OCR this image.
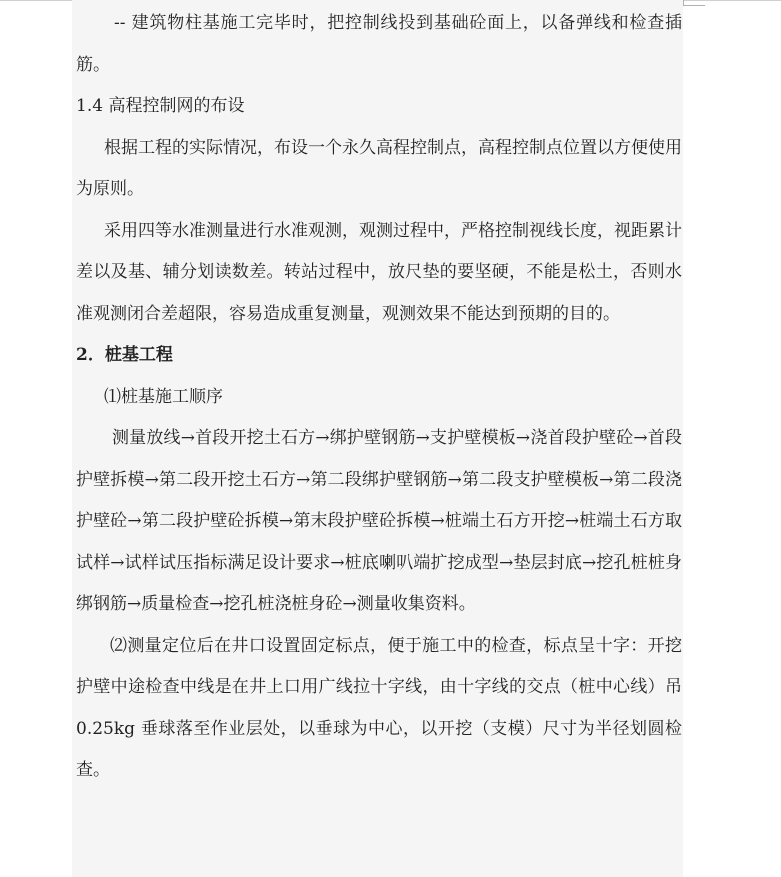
-- 建筑物柱基施工完毕时，把控制线投到基础砼面上，以备弹线和检查插筋。

1.4 高程控制网的布设

根据工程的实际情况，布设一个永久高程控制点，高程控制点位置以方便使用为原则。

采用四等水准测量进行水准观测，观测过程中，严格控制视线长度，视距累计差以及基、辅分划读数差。转站过程中，放尺垫的要坚硬，不能是松土，否则水准观测闭合差超限，容易造成重复测量，观测效果不能达到预期的目的。

2．桩基工程

⑴桩基施工顺序

测量放线→首段开挖土石方→绑护壁钢筋→支护壁模板→浇首段护壁砼→首段护壁拆模→第二段开挖土石方→第二段绑护壁钢筋→第二段支护壁模板→第二段浇护壁砼→第二段护壁砼拆模→第末段护壁砼拆模→桩端土石方开挖→桩端土石方取试样→试样试压指标满足设计要求→桩底喇叭端扩挖成型→垫层封底→挖孔桩桩身绑钢筋→质量检查→挖孔桩浇桩身砼→测量收集资料。

⑵测量定位后在井口设置固定标点，便于施工中的检查，标点呈十字：开挖护壁中途检查中线是在井上口用广线拉十字线，由十字线的交点（桩中心线）吊 0.25kg 垂球落至作业层处，以垂球为中心，以开挖（支模）尺寸为半径划圆检查。
